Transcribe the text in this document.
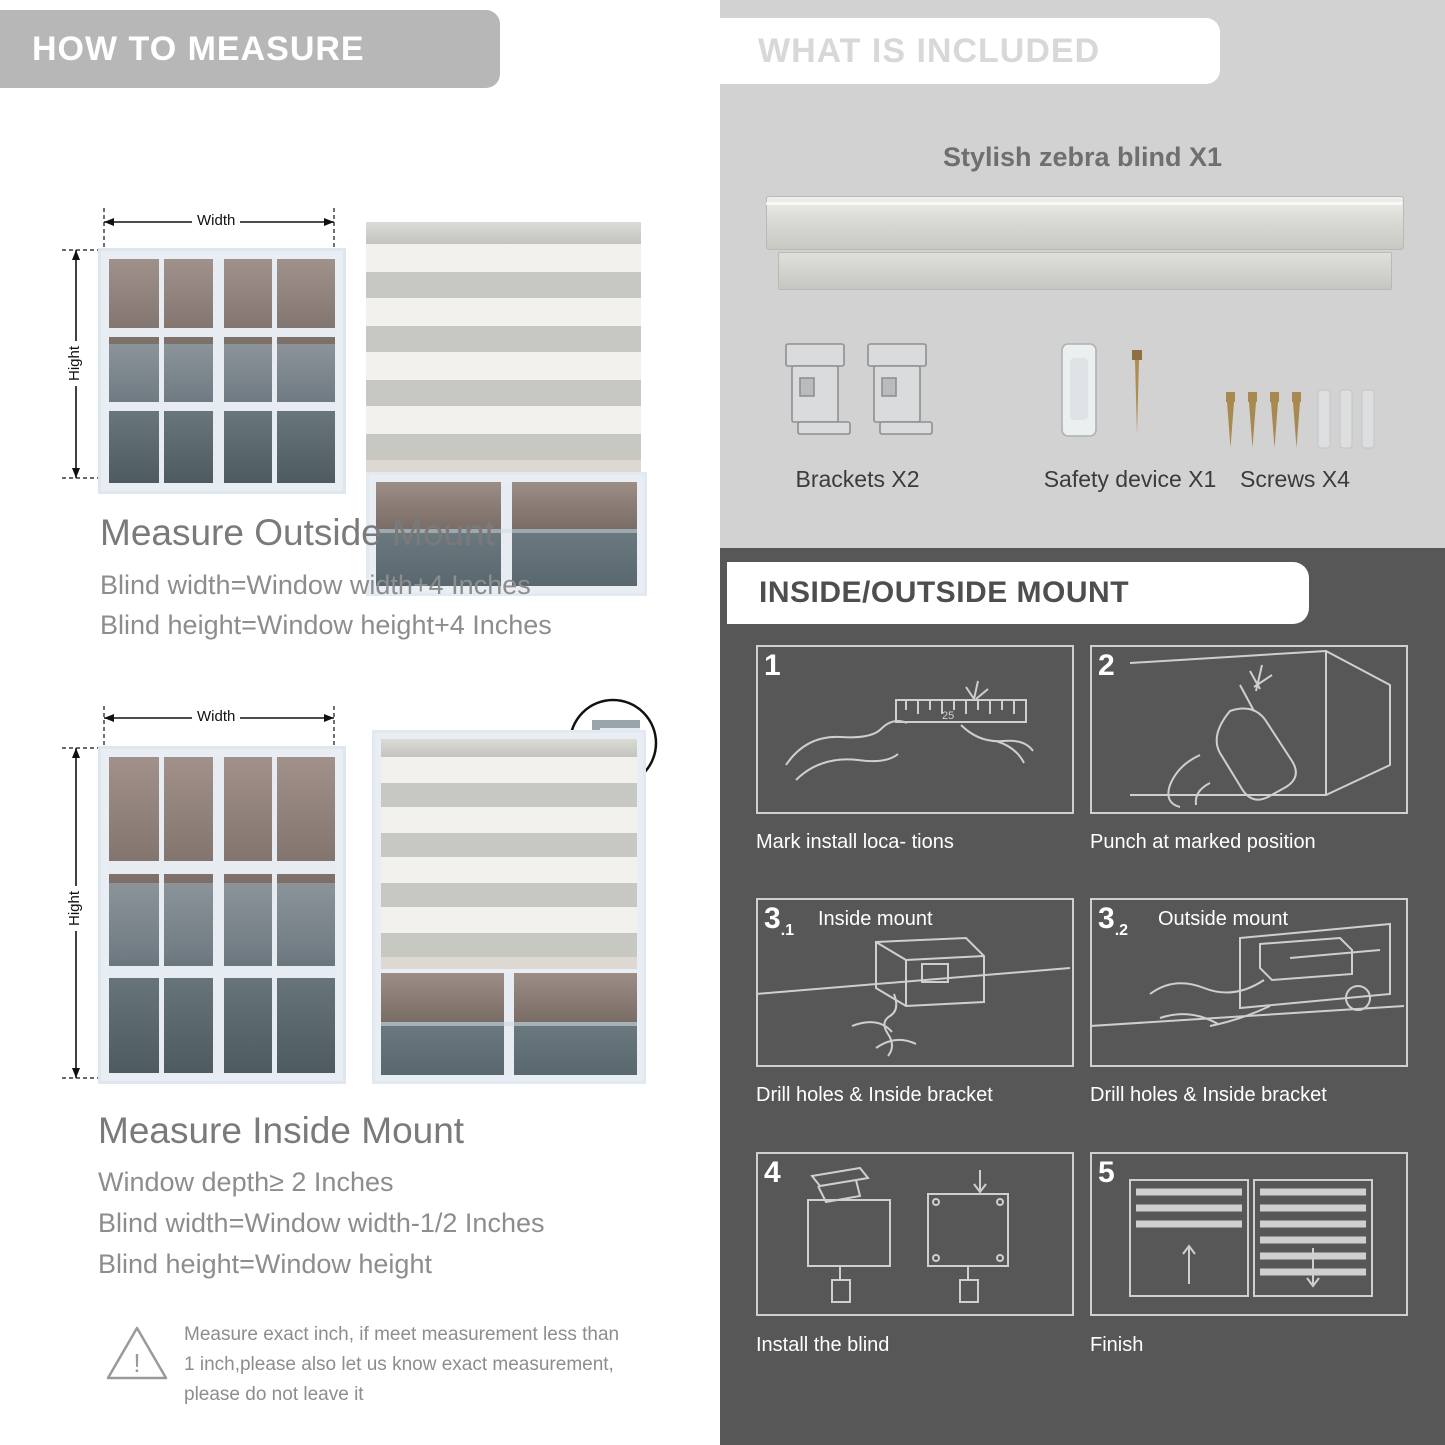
HOW TO MEASURE
Width
Hight
Measure Outside Mount
Blind width=Window width+4 Inches
Blind height=Window height+4 Inches
Width
Hight
Measure Inside Mount
Window depth≥ 2 Inches
Blind width=Window width-1/2 Inches
Blind height=Window height
!
Measure exact inch, if meet measurement less than 1 inch,please also let us know exact measurement, please do not leave it
WHAT IS INCLUDED
Stylish zebra blind X1
Brackets X2	Safety device X1	Screws X4
INSIDE/OUTSIDE MOUNT
1
25
Mark install loca- tions
2
Punch at marked position
$3_{.1}$
Inside mount
Drill holes & Inside bracket
$3_{.2}$
Outside mount
Drill holes & Inside bracket
4
Install the blind
5
Finish
